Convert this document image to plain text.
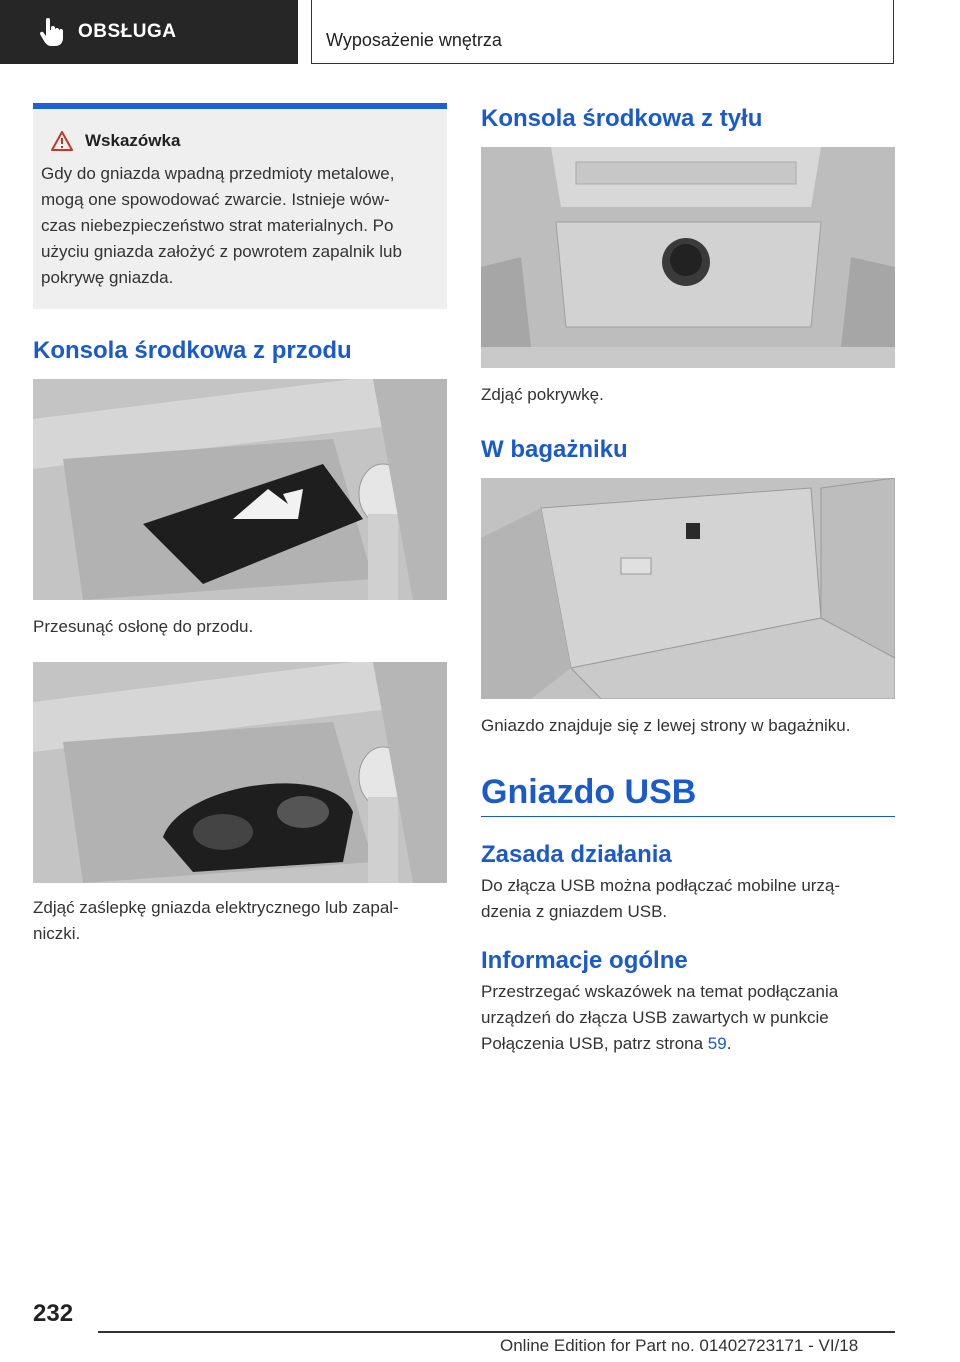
OBSŁUGA	Wyposażenie wnętrza
Wskazówka
Gdy do gniazda wpadną przedmioty metalowe,
mogą one spowodować zwarcie. Istnieje wów-
czas niebezpieczeństwo strat materialnych. Po
użyciu gniazda założyć z powrotem zapalnik lub
pokrywę gniazda.
Konsola środkowa z przodu

Przesunąć osłonę do przodu.

Zdjąć zaślepkę gniazda elektrycznego lub zapal-
niczki.

Konsola środkowa z tyłu

Zdjąć pokrywkę.

W bagażniku

Gniazdo znajduje się z lewej strony w bagażniku.

Gniazdo USB
Zasada działania

Do złącza USB można podłączać mobilne urzą-
dzenia z gniazdem USB.

Informacje ogólne

Przestrzegać wskazówek na temat podłączania
urządzeń do złącza USB zawartych w punkcie
Połączenia USB, patrz strona 59.

232
Online Edition for Part no. 01402723171 - VI/18
